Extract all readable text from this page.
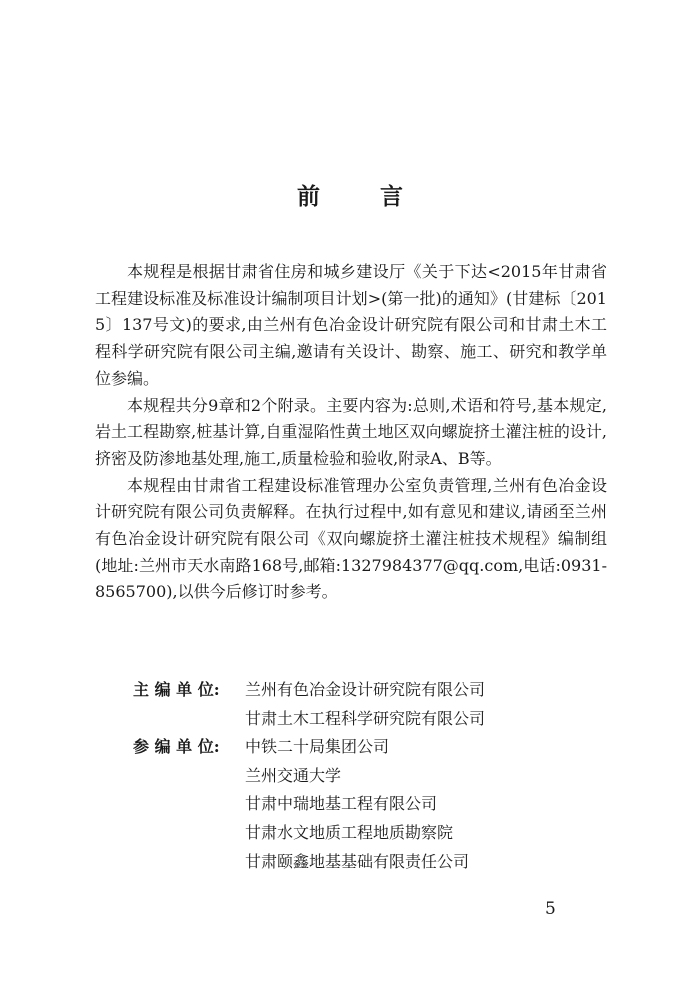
前 言

本规程是根据甘肃省住房和城乡建设厅《关于下达<2015年甘肃省工程建设标准及标准设计编制项目计划>(第一批)的通知》(甘建标〔2015〕137号文)的要求,由兰州有色冶金设计研究院有限公司和甘肃土木工程科学研究院有限公司主编,邀请有关设计、勘察、施工、研究和教学单位参编。

本规程共分9章和2个附录。主要内容为:总则,术语和符号,基本规定,岩土工程勘察,桩基计算,自重湿陷性黄土地区双向螺旋挤土灌注桩的设计,挤密及防渗地基处理,施工,质量检验和验收,附录A、B等。

本规程由甘肃省工程建设标准管理办公室负责管理,兰州有色冶金设计研究院有限公司负责解释。在执行过程中,如有意见和建议,请函至兰州有色冶金设计研究院有限公司《双向螺旋挤土灌注桩技术规程》编制组(地址:兰州市天水南路168号,邮箱:1327984377@qq.com,电话:0931-8565700),以供今后修订时参考。

主 编 单 位:	兰州有色冶金设计研究院有限公司
甘肃土木工程科学研究院有限公司
参 编 单 位:	中铁二十局集团公司
兰州交通大学
甘肃中瑞地基工程有限公司
甘肃水文地质工程地质勘察院
甘肃颐鑫地基基础有限责任公司
5
